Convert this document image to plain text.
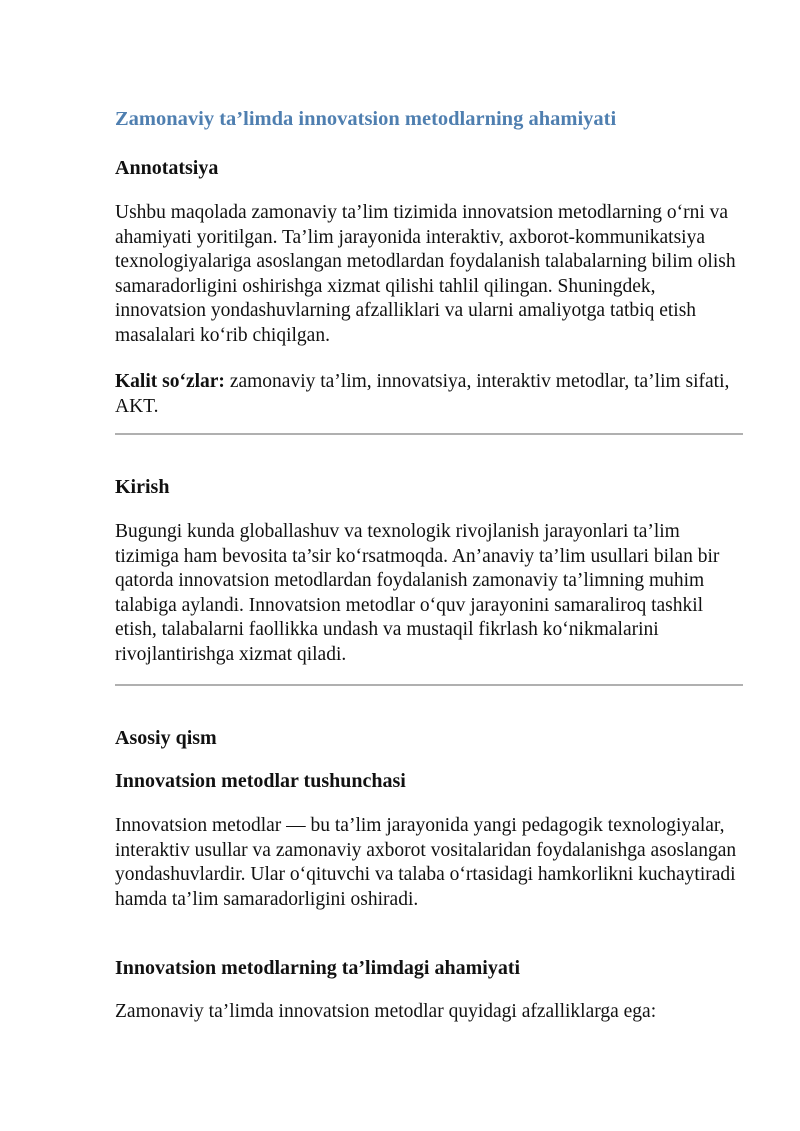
Zamonaviy ta’limda innovatsion metodlarning ahamiyati
Annotatsiya

Ushbu maqolada zamonaviy ta’lim tizimida innovatsion metodlarning o‘rni va ahamiyati yoritilgan. Ta’lim jarayonida interaktiv, axborot-kommunikatsiya texnologiyalariga asoslangan metodlardan foydalanish talabalarning bilim olish samaradorligini oshirishga xizmat qilishi tahlil qilingan. Shuningdek, innovatsion yondashuvlarning afzalliklari va ularni amaliyotga tatbiq etish masalalari ko‘rib chiqilgan.

Kalit so‘zlar: zamonaviy ta’lim, innovatsiya, interaktiv metodlar, ta’lim sifati, AKT.

Kirish

Bugungi kunda globallashuv va texnologik rivojlanish jarayonlari ta’lim tizimiga ham bevosita ta’sir ko‘rsatmoqda. An’anaviy ta’lim usullari bilan bir qatorda innovatsion metodlardan foydalanish zamonaviy ta’limning muhim talabiga aylandi. Innovatsion metodlar o‘quv jarayonini samaraliroq tashkil etish, talabalarni faollikka undash va mustaqil fikrlash ko‘nikmalarini rivojlantirishga xizmat qiladi.

Asosiy qism
Innovatsion metodlar tushunchasi

Innovatsion metodlar — bu ta’lim jarayonida yangi pedagogik texnologiyalar, interaktiv usullar va zamonaviy axborot vositalaridan foydalanishga asoslangan yondashuvlardir. Ular o‘qituvchi va talaba o‘rtasidagi hamkorlikni kuchaytiradi hamda ta’lim samaradorligini oshiradi.

Innovatsion metodlarning ta’limdagi ahamiyati

Zamonaviy ta’limda innovatsion metodlar quyidagi afzalliklarga ega:
